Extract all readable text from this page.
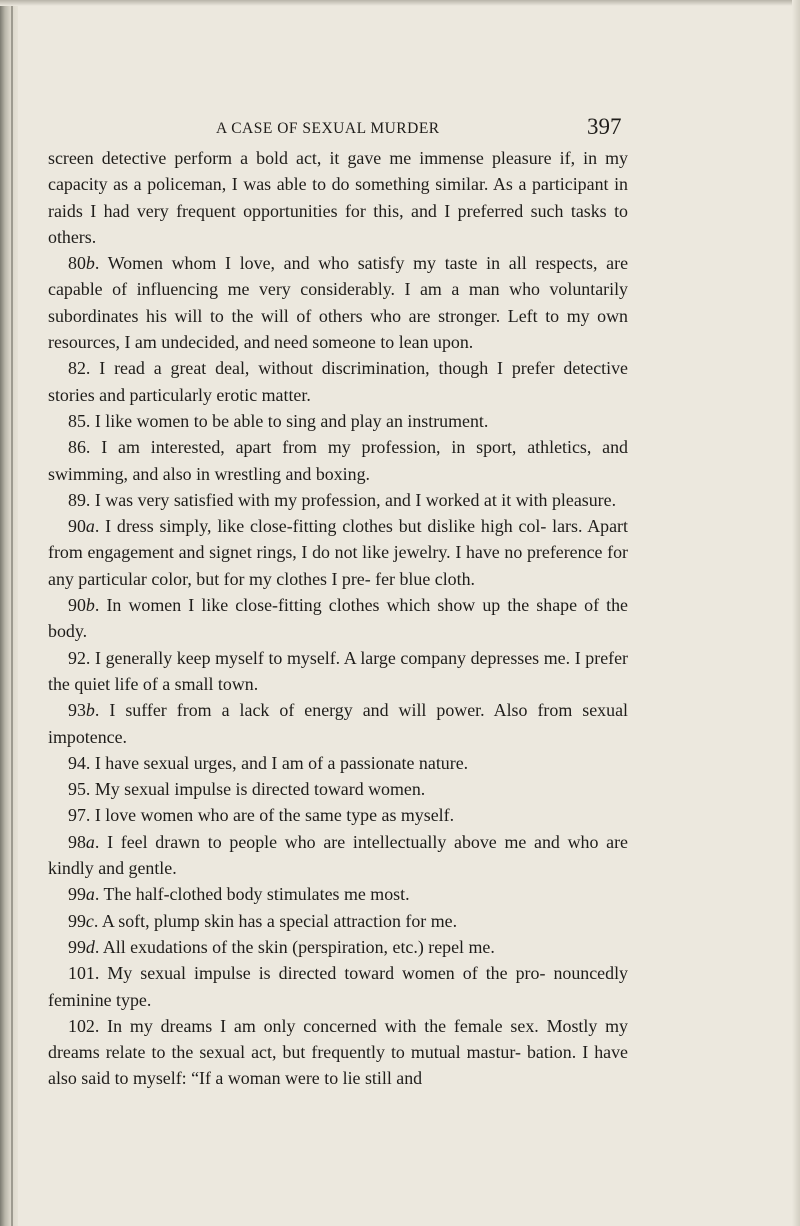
A CASE OF SEXUAL MURDER	397

screen detective perform a bold act, it gave me immense pleasure if, in my capacity as a policeman, I was able to do something similar. As a participant in raids I had very frequent opportunities for this, and I preferred such tasks to others.

80b. Women whom I love, and who satisfy my taste in all respects, are capable of influencing me very considerably. I am a man who voluntarily subordinates his will to the will of others who are stronger. Left to my own resources, I am undecided, and need someone to lean upon.

82. I read a great deal, without discrimination, though I prefer detective stories and particularly erotic matter.

85. I like women to be able to sing and play an instrument.

86. I am interested, apart from my profession, in sport, athletics, and swimming, and also in wrestling and boxing.

89. I was very satisfied with my profession, and I worked at it with pleasure.

90a. I dress simply, like close-fitting clothes but dislike high col- lars. Apart from engagement and signet rings, I do not like jewelry. I have no preference for any particular color, but for my clothes I pre- fer blue cloth.

90b. In women I like close-fitting clothes which show up the shape of the body.

92. I generally keep myself to myself. A large company depresses me. I prefer the quiet life of a small town.

93b. I suffer from a lack of energy and will power. Also from sexual impotence.

94. I have sexual urges, and I am of a passionate nature.

95. My sexual impulse is directed toward women.

97. I love women who are of the same type as myself.

98a. I feel drawn to people who are intellectually above me and who are kindly and gentle.

99a. The half-clothed body stimulates me most.

99c. A soft, plump skin has a special attraction for me.

99d. All exudations of the skin (perspiration, etc.) repel me.

101. My sexual impulse is directed toward women of the pro- nouncedly feminine type.

102. In my dreams I am only concerned with the female sex. Mostly my dreams relate to the sexual act, but frequently to mutual mastur- bation. I have also said to myself: “If a woman were to lie still and
